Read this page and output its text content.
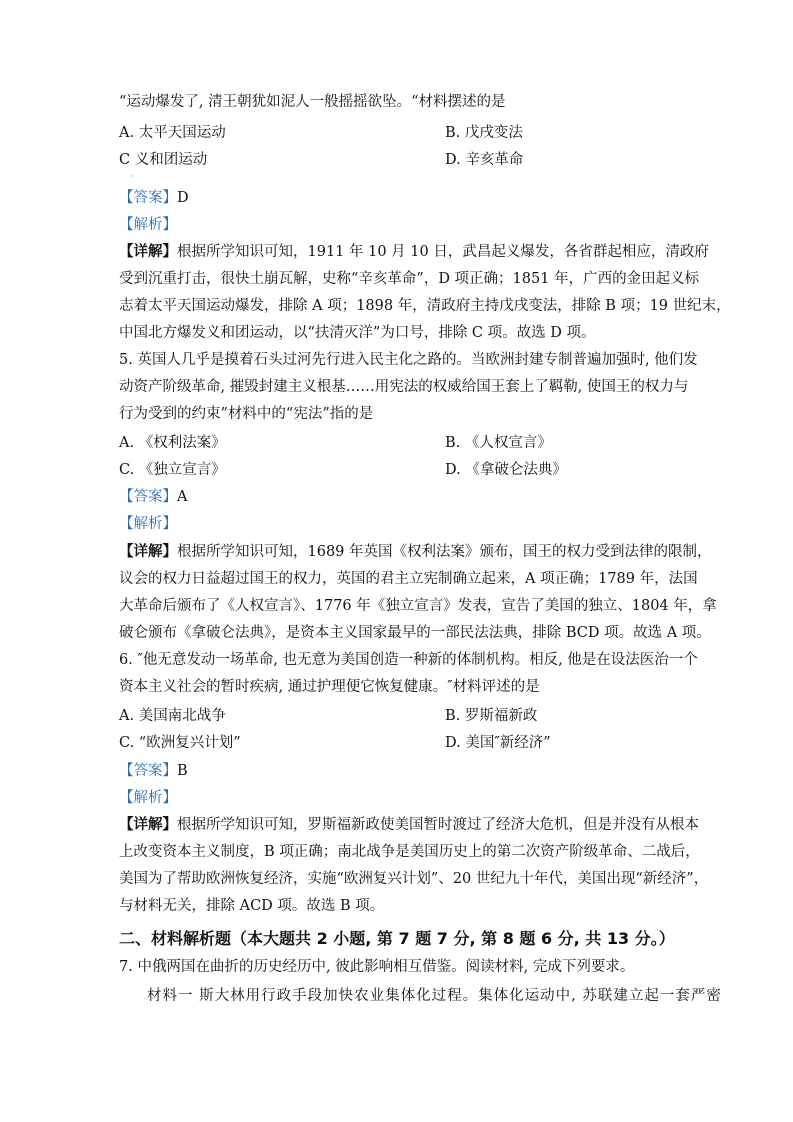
“运动爆发了, 清王朝犹如泥人一般摇摇欲坠。“材料摆述的是
A. 太平天国运动	B. 戊戌变法
C 义和团运动
·
D. 辛亥革命
【答案】D
【解析】
【详解】根据所学知识可知，1911 年 10 月 10 日，武昌起义爆发，各省群起相应，清政府
受到沉重打击，很快土崩瓦解，史称“辛亥革命”，D 项正确；1851 年，广西的金田起义标
志着太平天国运动爆发，排除 A 项；1898 年，清政府主持戊戌变法，排除 B 项；19 世纪末，
中国北方爆发义和团运动，以“扶清灭洋”为口号，排除 C 项。故选 D 项。
5. 英国人几乎是摸着石头过河先行进入民主化之路的。当欧洲封建专制普遍加强时, 他们发
动资产阶级革命, 摧毁封建主义根基……用宪法的权威给国王套上了羁勒, 使国王的权力与
行为受到的约束”材料中的“宪法”指的是
A. 《权利法案》	B. 《人权宣言》
C. 《独立宣言》	D. 《拿破仑法典》
【答案】A
【解析】
【详解】根据所学知识可知，1689 年英国《权利法案》颁布，国王的权力受到法律的限制，
议会的权力日益超过国王的权力，英国的君主立宪制确立起来，A 项正确；1789 年，法国
大革命后颁布了《人权宣言》、1776 年《独立宣言》发表，宣告了美国的独立、1804 年，拿
破仑颁布《拿破仑法典》，是资本主义国家最早的一部民法法典，排除 BCD 项。故选 A 项。
6. ″他无意发动一场革命, 也无意为美国创造一种新的体制机构。相反, 他是在设法医治一个
资本主义社会的暂时疾病, 通过护理便它恢复健康。″材料评述的是
A. 美国南北战争	B. 罗斯福新政
C. “欧洲复兴计划”	D. 美国″新经济”
【答案】B
【解析】
【详解】根据所学知识可知，罗斯福新政使美国暂时渡过了经济大危机，但是并没有从根本
上改变资本主义制度，B 项正确；南北战争是美国历史上的第二次资产阶级革命、二战后，
美国为了帮助欧洲恢复经济，实施“欧洲复兴计划”、20 世纪九十年代，美国出现“新经济”，
与材料无关，排除 ACD 项。故选 B 项。
二、材料解析题（本大题共 2 小题, 第 7 题 7 分, 第 8 题 6 分, 共 13 分。）
7. 中俄两国在曲折的历史经历中, 彼此影响相互借鉴。阅读材料, 完成下列要求。
材料一 斯大林用行政手段加快农业集体化过程。集体化运动中, 苏联建立起一套严密
